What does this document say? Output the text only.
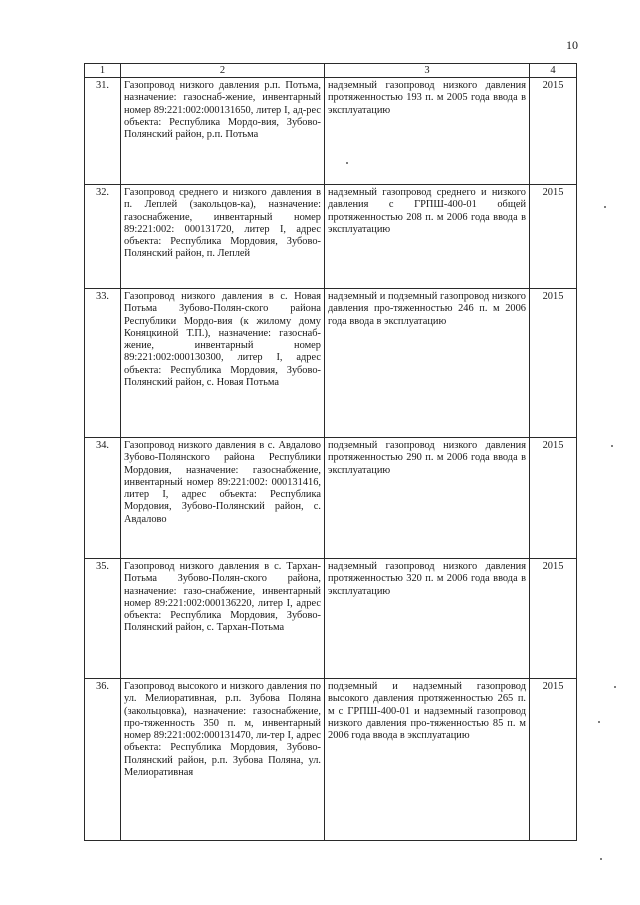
10
1	2	3	4
31.	Газопровод низкого давления р.п. Потьма, назначение: газоснаб-жение, инвентарный номер 89:221:002:000131650, литер I, ад-рес объекта: Республика Мордо-вия, Зубово-Полянский район, р.п. Потьма	надземный газопровод низкого давления протяженностью 193 п. м 2005 года ввода в эксплуатацию	2015
32.	Газопровод среднего и низкого давления в п. Леплей (закольцов-ка), назначение: газоснабжение, инвентарный номер 89:221:002: 000131720, литер I, адрес объекта: Республика Мордовия, Зубово-Полянский район, п. Леплей	надземный газопровод среднего и низкого давления с ГРПШ-400-01 общей протяженностью 208 п. м 2006 года ввода в эксплуатацию	2015
33.	Газопровод низкого давления в с. Новая Потьма Зубово-Полян-ского района Республики Мордо-вия (к жилому дому Коняцкиной Т.П.), назначение: газоснаб-жение, инвентарный номер 89:221:002:000130300, литер I, адрес объекта: Республика Мордовия, Зубово-Полянский район, с. Новая Потьма	надземный и подземный газопровод низкого давления про-тяженностью 246 п. м 2006 года ввода в эксплуатацию	2015
34.	Газопровод низкого давления в с. Авдалово Зубово-Полянского района Республики Мордовия, назначение: газоснабжение, инвентарный номер 89:221:002: 000131416, литер I, адрес объекта: Республика Мордовия, Зубово-Полянский район, с. Авдалово	подземный газопровод низкого давления протяженностью 290 п. м 2006 года ввода в эксплуатацию	2015
35.	Газопровод низкого давления в с. Тархан-Потьма Зубово-Полян-ского района, назначение: газо-снабжение, инвентарный номер 89:221:002:000136220, литер I, адрес объекта: Республика Мордовия, Зубово-Полянский район, с. Тархан-Потьма	надземный газопровод низкого давления протяженностью 320 п. м 2006 года ввода в эксплуатацию	2015
36.	Газопровод высокого и низкого давления по ул. Мелиоративная, р.п. Зубова Поляна (закольцовка), назначение: газоснабжение, про-тяженность 350 п. м, инвентарный номер 89:221:002:000131470, ли-тер I, адрес объекта: Республика Мордовия, Зубово-Полянский район, р.п. Зубова Поляна, ул. Мелиоративная	подземный и надземный газопровод высокого давления протяженностью 265 п. м с ГРПШ-400-01 и надземный газопровод низкого давления про-тяженностью 85 п. м 2006 года ввода в эксплуатацию	2015
